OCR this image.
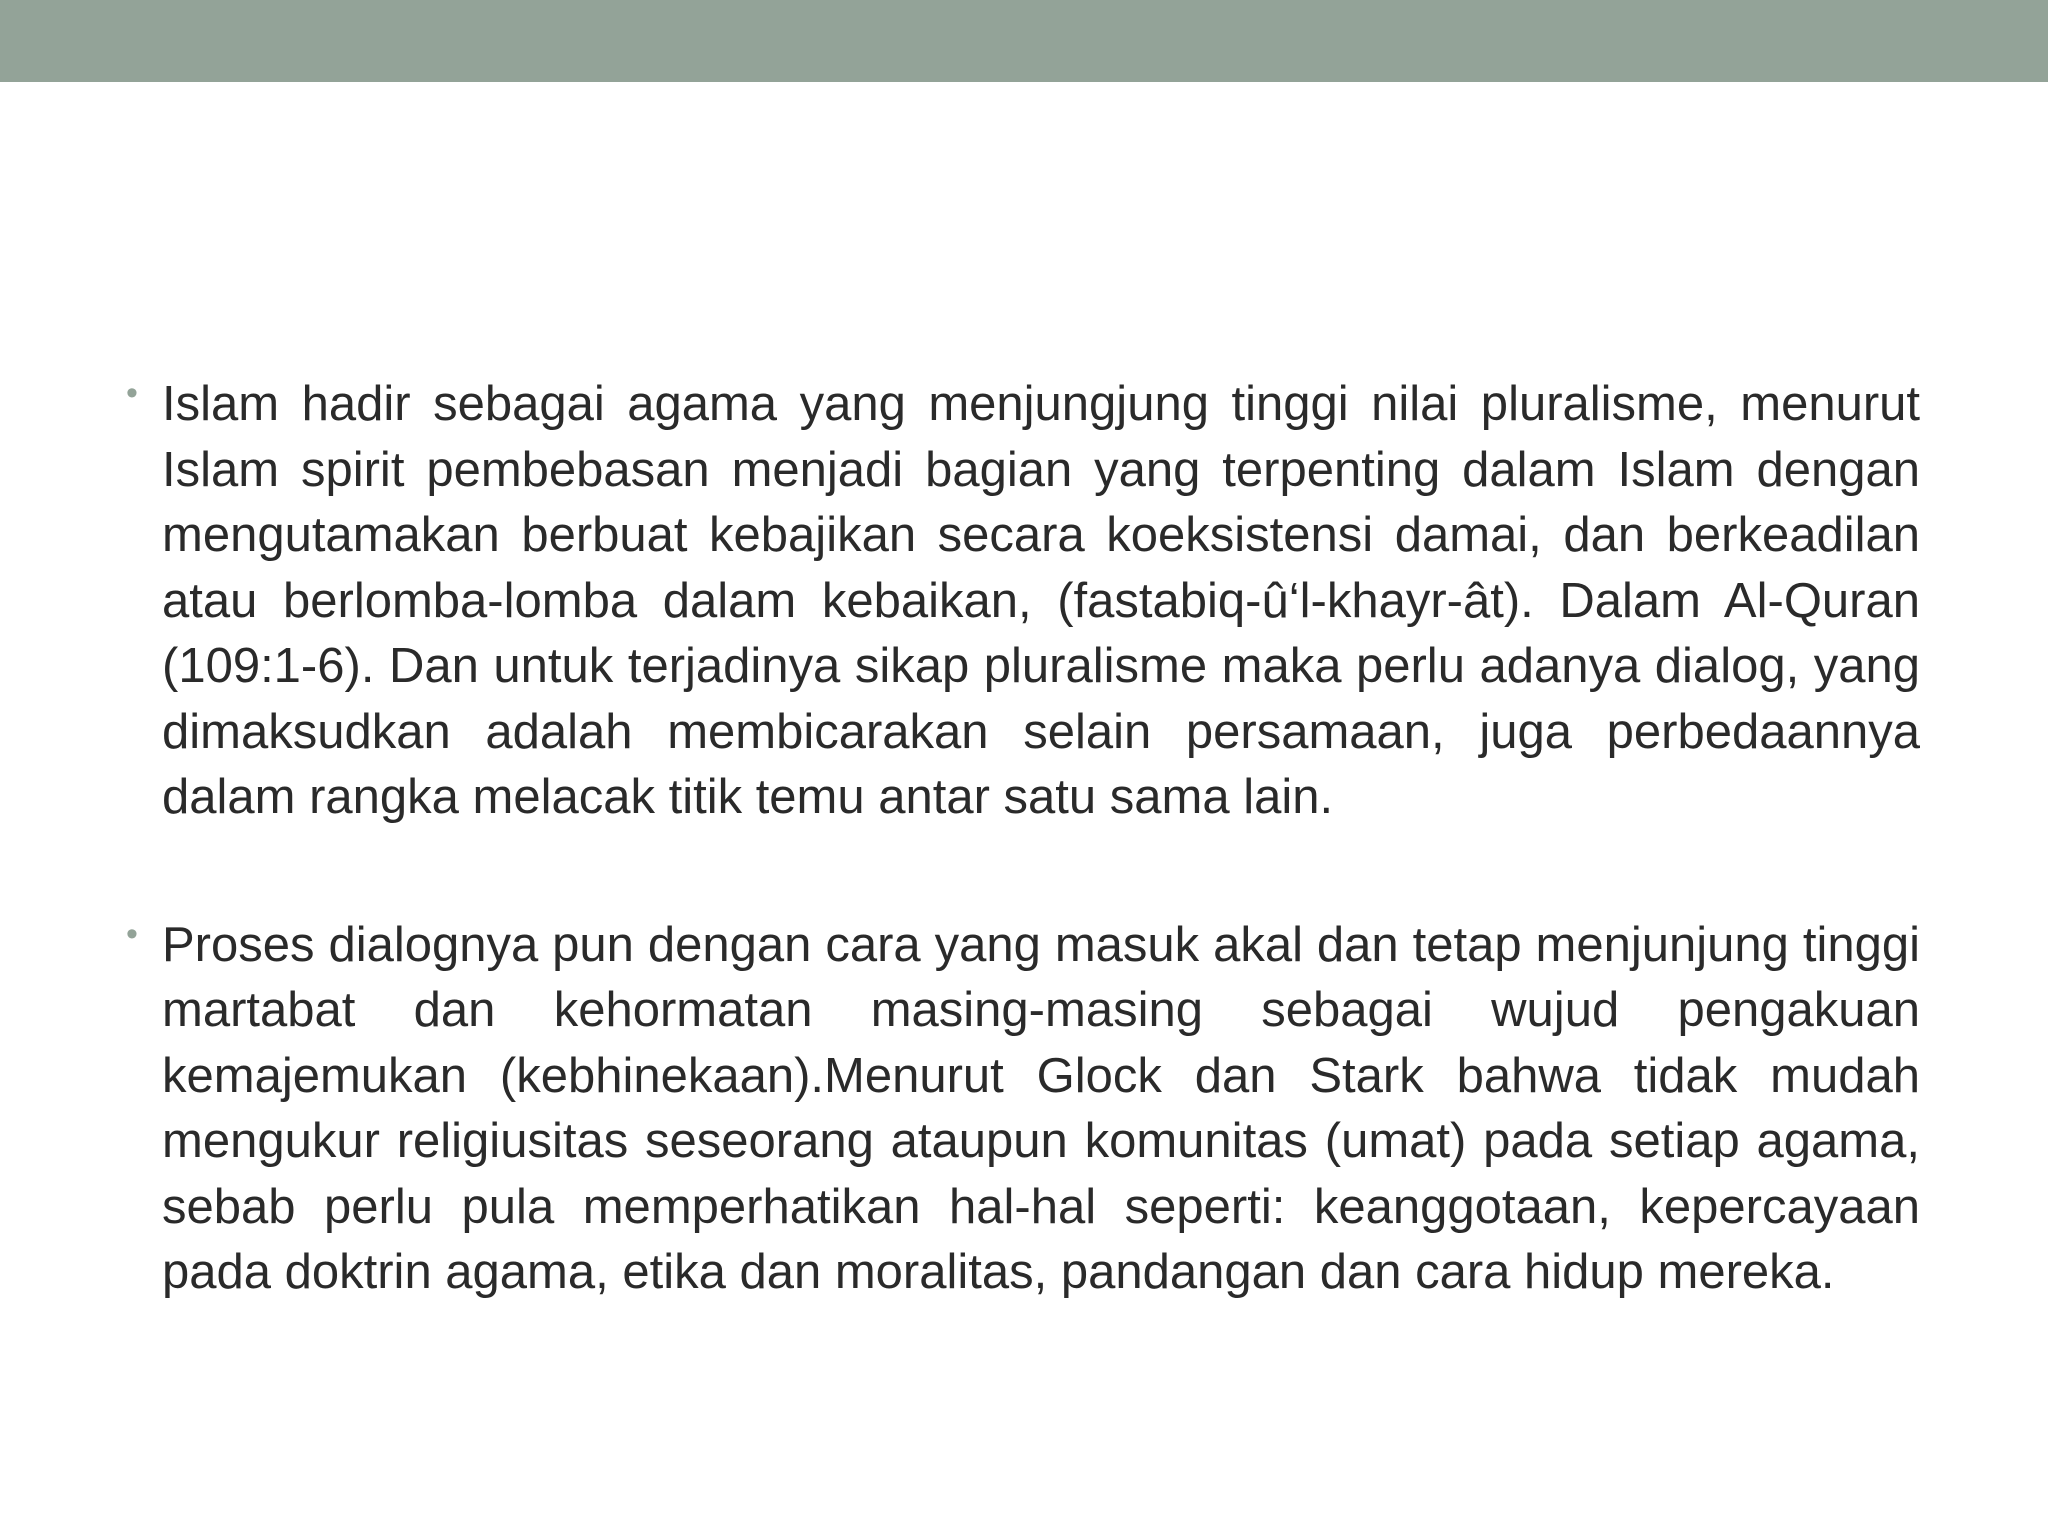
• Islam hadir sebagai agama yang menjungjung tinggi nilai pluralisme, menurut Islam spirit pembebasan menjadi bagian yang terpenting dalam Islam dengan mengutamakan berbuat kebajikan secara koeksistensi damai, dan berkeadilan atau berlomba-lomba dalam kebaikan, (fastabiq-û‘l-khayr-ât). Dalam Al-Quran (109:1-6). Dan untuk terjadinya sikap pluralisme maka perlu adanya dialog, yang dimaksudkan adalah membicarakan selain persamaan, juga perbedaannya dalam rangka melacak titik temu antar satu sama lain.

• Proses dialognya pun dengan cara yang masuk akal dan tetap menjunjung tinggi martabat dan kehormatan masing-masing sebagai wujud pengakuan kemajemukan (kebhinekaan).Menurut Glock dan Stark bahwa tidak mudah mengukur religiusitas seseorang ataupun komunitas (umat) pada setiap agama, sebab perlu pula memperhatikan hal-hal seperti: keanggotaan, kepercayaan pada doktrin agama, etika dan moralitas, pandangan dan cara hidup mereka.
